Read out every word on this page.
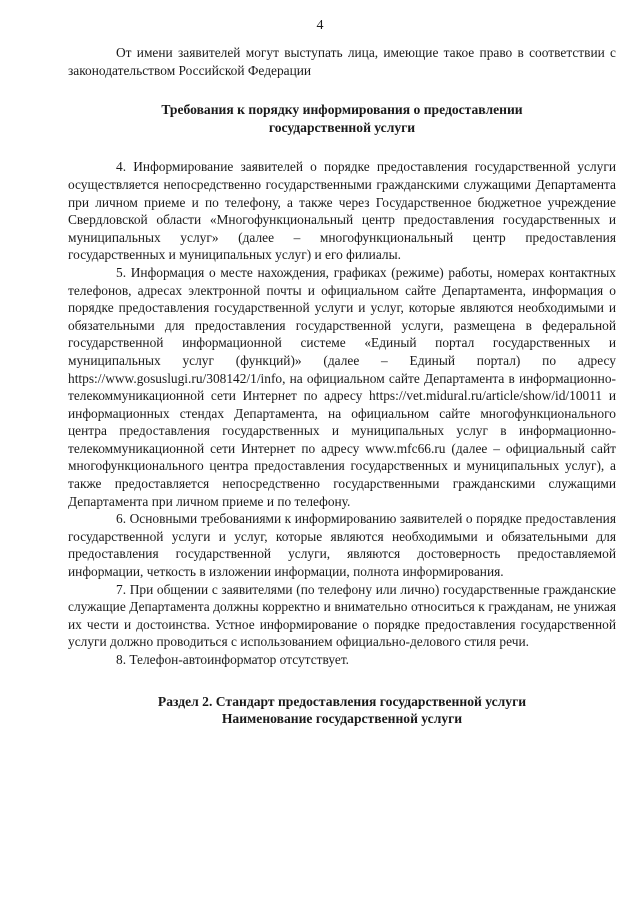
4

От имени заявителей могут выступать лица, имеющие такое право в соответствии с законодательством Российской Федерации

Требования к порядку информирования о предоставлении
государственной услуги

4. Информирование заявителей о порядке предоставления государственной услуги осуществляется непосредственно государственными гражданскими служащими Департамента при личном приеме и по телефону, а также через Государственное бюджетное учреждение Свердловской области «Многофункциональный центр предоставления государственных и муниципальных услуг» (далее – многофункциональный центр предоставления государственных и муниципальных услуг) и его филиалы.

5. Информация о месте нахождения, графиках (режиме) работы, номерах контактных телефонов, адресах электронной почты и официальном сайте Департамента, информация о порядке предоставления государственной услуги и услуг, которые являются необходимыми и обязательными для предоставления государственной услуги, размещена в федеральной государственной информационной системе «Единый портал государственных и муниципальных услуг (функций)» (далее – Единый портал) по адресу https://www.gosuslugi.ru/308142/1/info, на официальном сайте Департамента в информационно-телекоммуникационной сети Интернет по адресу https://vet.midural.ru/article/show/id/10011 и информационных стендах Департамента, на официальном сайте многофункционального центра предоставления государственных и муниципальных услуг в информационно-телекоммуникационной сети Интернет по адресу www.mfc66.ru (далее – официальный сайт многофункционального центра предоставления государственных и муниципальных услуг), а также предоставляется непосредственно государственными гражданскими служащими Департамента при личном приеме и по телефону.

6. Основными требованиями к информированию заявителей о порядке предоставления государственной услуги и услуг, которые являются необходимыми и обязательными для предоставления государственной услуги, являются достоверность предоставляемой информации, четкость в изложении информации, полнота информирования.

7. При общении с заявителями (по телефону или лично) государственные гражданские служащие Департамента должны корректно и внимательно относиться к гражданам, не унижая их чести и достоинства. Устное информирование о порядке предоставления государственной услуги должно проводиться с использованием официально-делового стиля речи.

8. Телефон-автоинформатор отсутствует.

Раздел 2. Стандарт предоставления государственной услуги
Наименование государственной услуги
